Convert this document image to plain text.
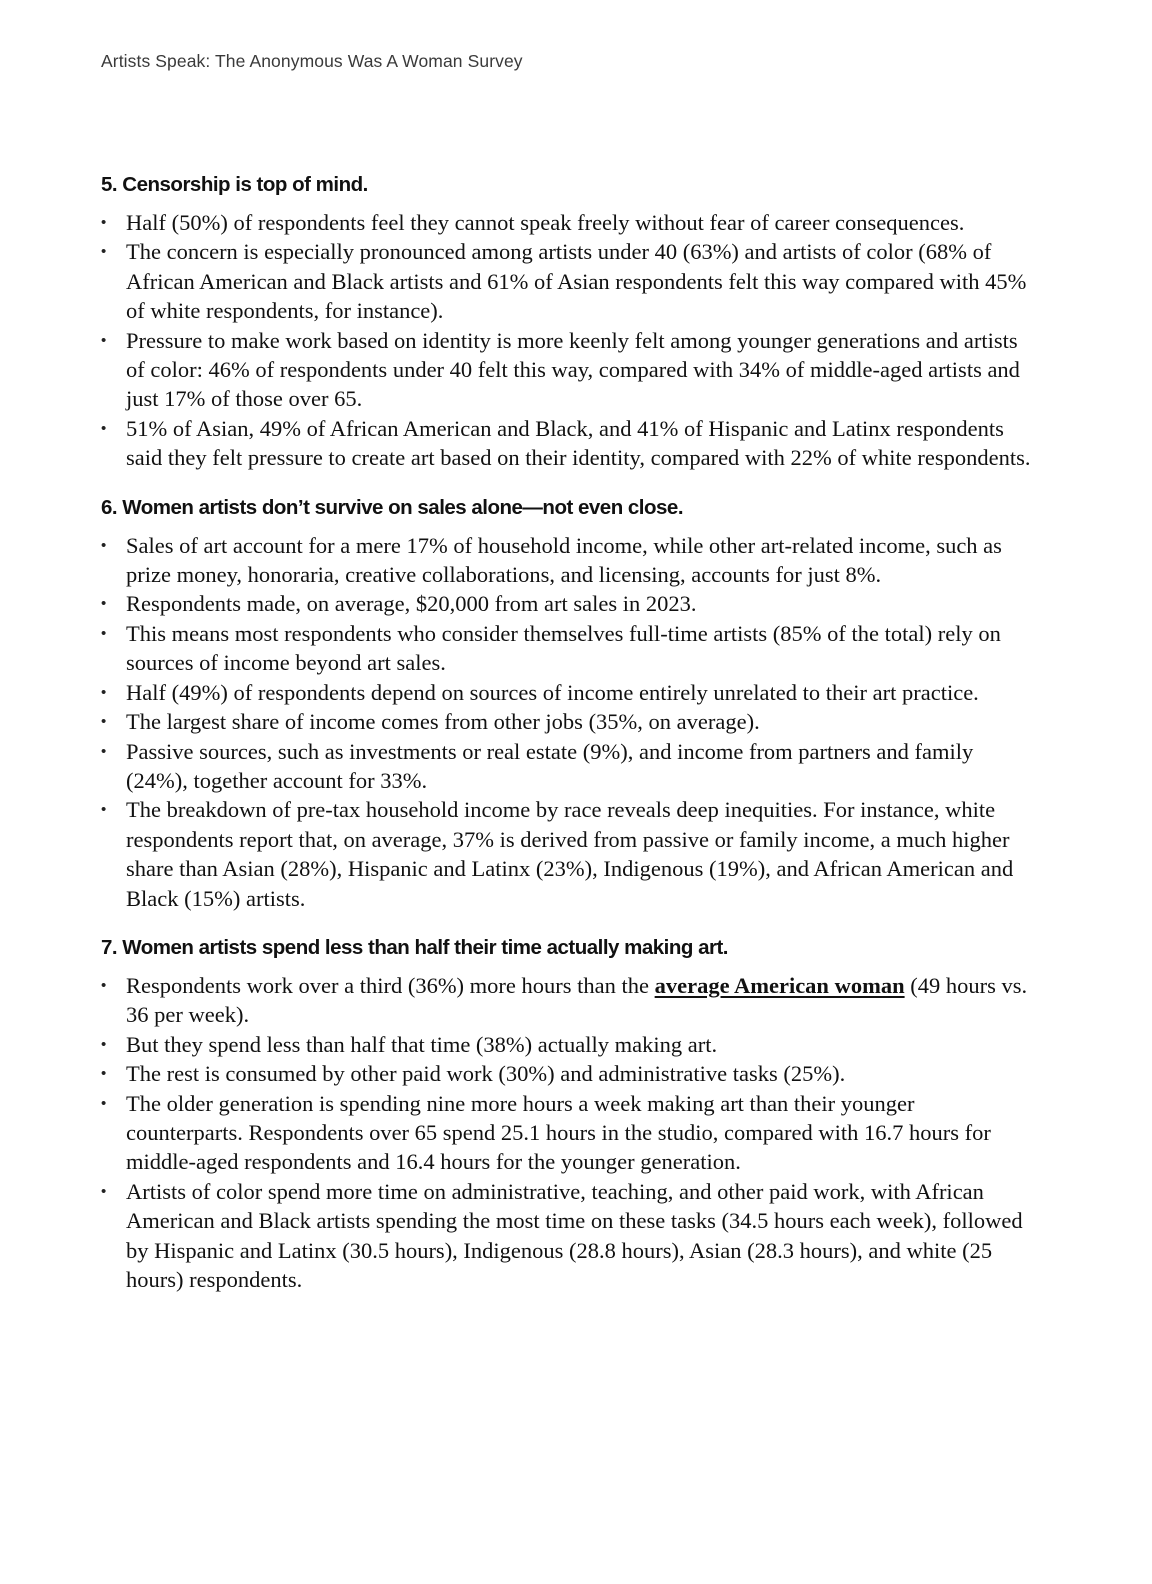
Artists Speak: The Anonymous Was A Woman Survey
5. Censorship is top of mind.
• Half (50%) of respondents feel they cannot speak freely without fear of career consequences.
• The concern is especially pronounced among artists under 40 (63%) and artists of color (68% of African American and Black artists and 61% of Asian respondents felt this way compared with 45% of white respondents, for instance).
• Pressure to make work based on identity is more keenly felt among younger generations and artists of color: 46% of respondents under 40 felt this way, compared with 34% of middle-aged artists and just 17% of those over 65.
• 51% of Asian, 49% of African American and Black, and 41% of Hispanic and Latinx respondents said they felt pressure to create art based on their identity, compared with 22% of white respondents.
6. Women artists don’t survive on sales alone—not even close.
• Sales of art account for a mere 17% of household income, while other art-related income, such as prize money, honoraria, creative collaborations, and licensing, accounts for just 8%.
• Respondents made, on average, $20,000 from art sales in 2023.
• This means most respondents who consider themselves full-time artists (85% of the total) rely on sources of income beyond art sales.
• Half (49%) of respondents depend on sources of income entirely unrelated to their art practice.
• The largest share of income comes from other jobs (35%, on average).
• Passive sources, such as investments or real estate (9%), and income from partners and family (24%), together account for 33%.
• The breakdown of pre-tax household income by race reveals deep inequities. For instance, white respondents report that, on average, 37% is derived from passive or family income, a much higher share than Asian (28%), Hispanic and Latinx (23%), Indigenous (19%), and African American and Black (15%) artists.
7. Women artists spend less than half their time actually making art.
• Respondents work over a third (36%) more hours than the average American woman (49 hours vs. 36 per week).
• But they spend less than half that time (38%) actually making art.
• The rest is consumed by other paid work (30%) and administrative tasks (25%).
• The older generation is spending nine more hours a week making art than their younger counterparts. Respondents over 65 spend 25.1 hours in the studio, compared with 16.7 hours for middle-aged respondents and 16.4 hours for the younger generation.
• Artists of color spend more time on administrative, teaching, and other paid work, with African American and Black artists spending the most time on these tasks (34.5 hours each week), followed by Hispanic and Latinx (30.5 hours), Indigenous (28.8 hours), Asian (28.3 hours), and white (25 hours) respondents.
